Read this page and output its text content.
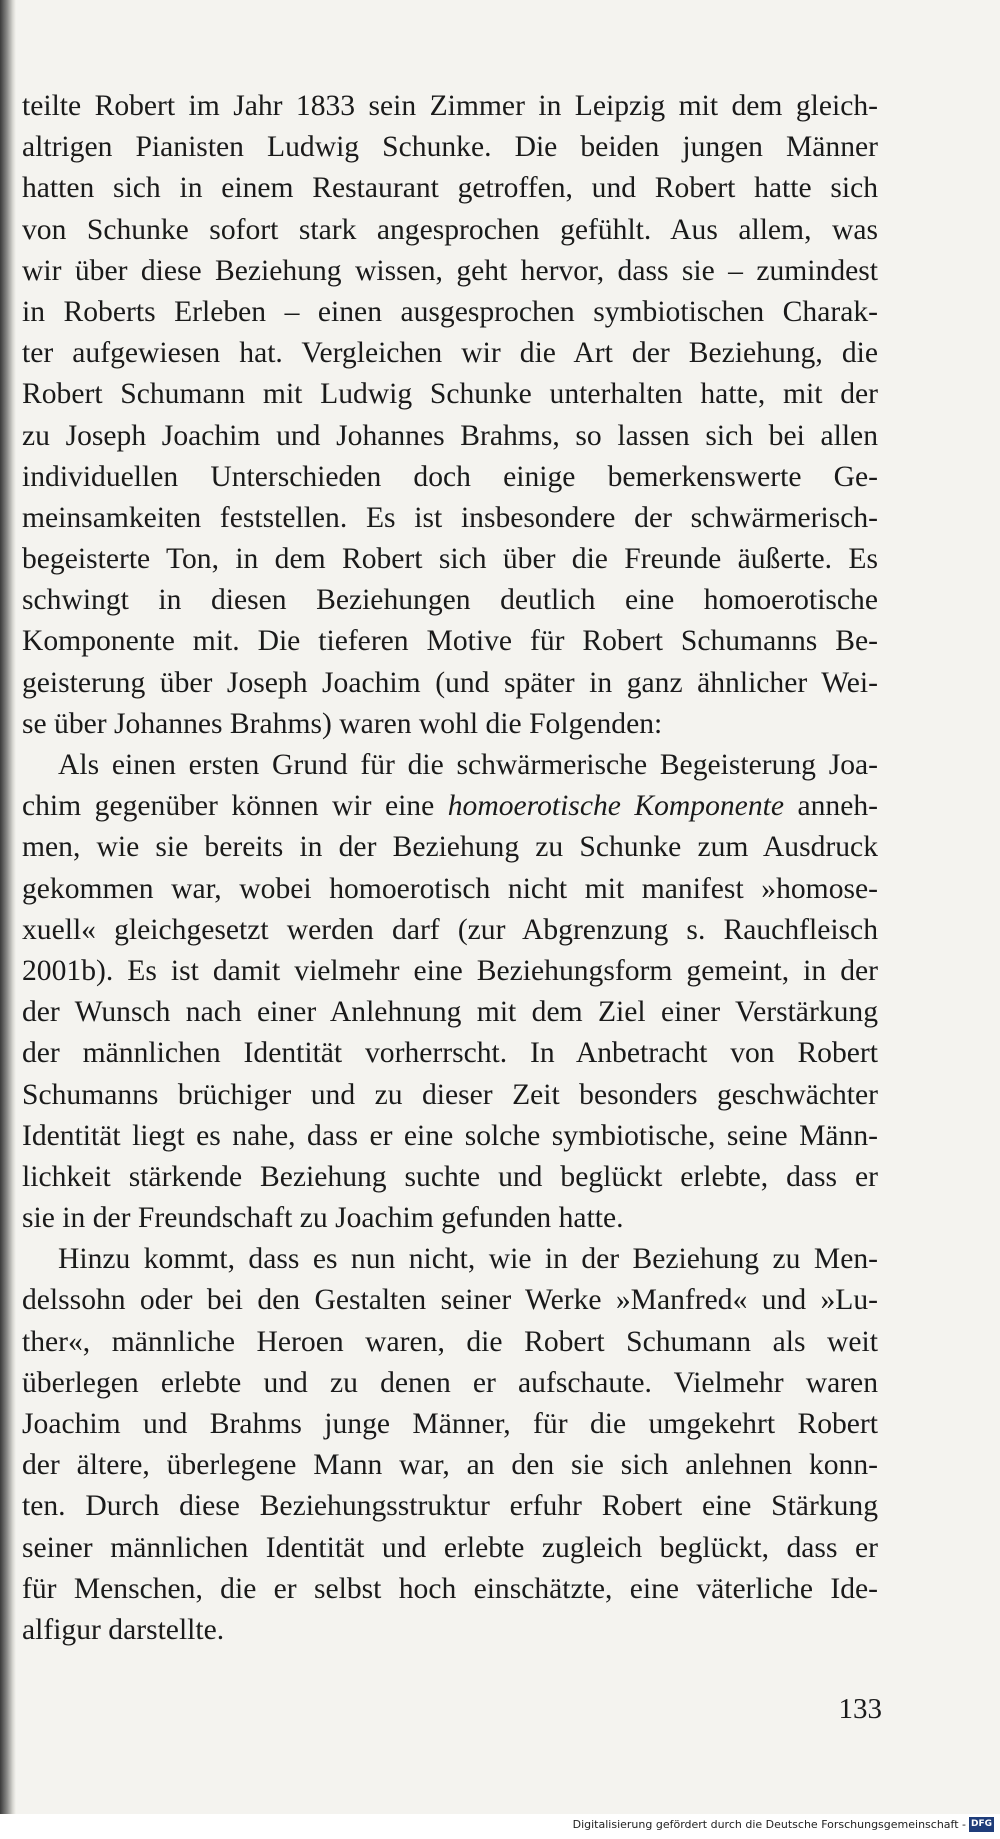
teilte Robert im Jahr 1833 sein Zimmer in Leipzig mit dem gleich-
altrigen Pianisten Ludwig Schunke. Die beiden jungen Männer
hatten sich in einem Restaurant getroffen, und Robert hatte sich
von Schunke sofort stark angesprochen gefühlt. Aus allem, was
wir über diese Beziehung wissen, geht hervor, dass sie – zumindest
in Roberts Erleben – einen ausgesprochen symbiotischen Charak-
ter aufgewiesen hat. Vergleichen wir die Art der Beziehung, die
Robert Schumann mit Ludwig Schunke unterhalten hatte, mit der
zu Joseph Joachim und Johannes Brahms, so lassen sich bei allen
individuellen Unterschieden doch einige bemerkenswerte Ge-
meinsamkeiten feststellen. Es ist insbesondere der schwärmerisch-
begeisterte Ton, in dem Robert sich über die Freunde äußerte. Es
schwingt in diesen Beziehungen deutlich eine homoerotische
Komponente mit. Die tieferen Motive für Robert Schumanns Be-
geisterung über Joseph Joachim (und später in ganz ähnlicher Wei-
se über Johannes Brahms) waren wohl die Folgenden:
Als einen ersten Grund für die schwärmerische Begeisterung Joa-
chim gegenüber können wir eine homoerotische Komponente anneh-
men, wie sie bereits in der Beziehung zu Schunke zum Ausdruck
gekommen war, wobei homoerotisch nicht mit manifest »homose-
xuell« gleichgesetzt werden darf (zur Abgrenzung s. Rauchfleisch
2001b). Es ist damit vielmehr eine Beziehungsform gemeint, in der
der Wunsch nach einer Anlehnung mit dem Ziel einer Verstärkung
der männlichen Identität vorherrscht. In Anbetracht von Robert
Schumanns brüchiger und zu dieser Zeit besonders geschwächter
Identität liegt es nahe, dass er eine solche symbiotische, seine Männ-
lichkeit stärkende Beziehung suchte und beglückt erlebte, dass er
sie in der Freundschaft zu Joachim gefunden hatte.
Hinzu kommt, dass es nun nicht, wie in der Beziehung zu Men-
delssohn oder bei den Gestalten seiner Werke »Manfred« und »Lu-
ther«, männliche Heroen waren, die Robert Schumann als weit
überlegen erlebte und zu denen er aufschaute. Vielmehr waren
Joachim und Brahms junge Männer, für die umgekehrt Robert
der ältere, überlegene Mann war, an den sie sich anlehnen konn-
ten. Durch diese Beziehungsstruktur erfuhr Robert eine Stärkung
seiner männlichen Identität und erlebte zugleich beglückt, dass er
für Menschen, die er selbst hoch einschätzte, eine väterliche Ide-
alfigur darstellte.
133
Digitalisierung gefördert durch die Deutsche Forschungsgemeinschaft - DFG
